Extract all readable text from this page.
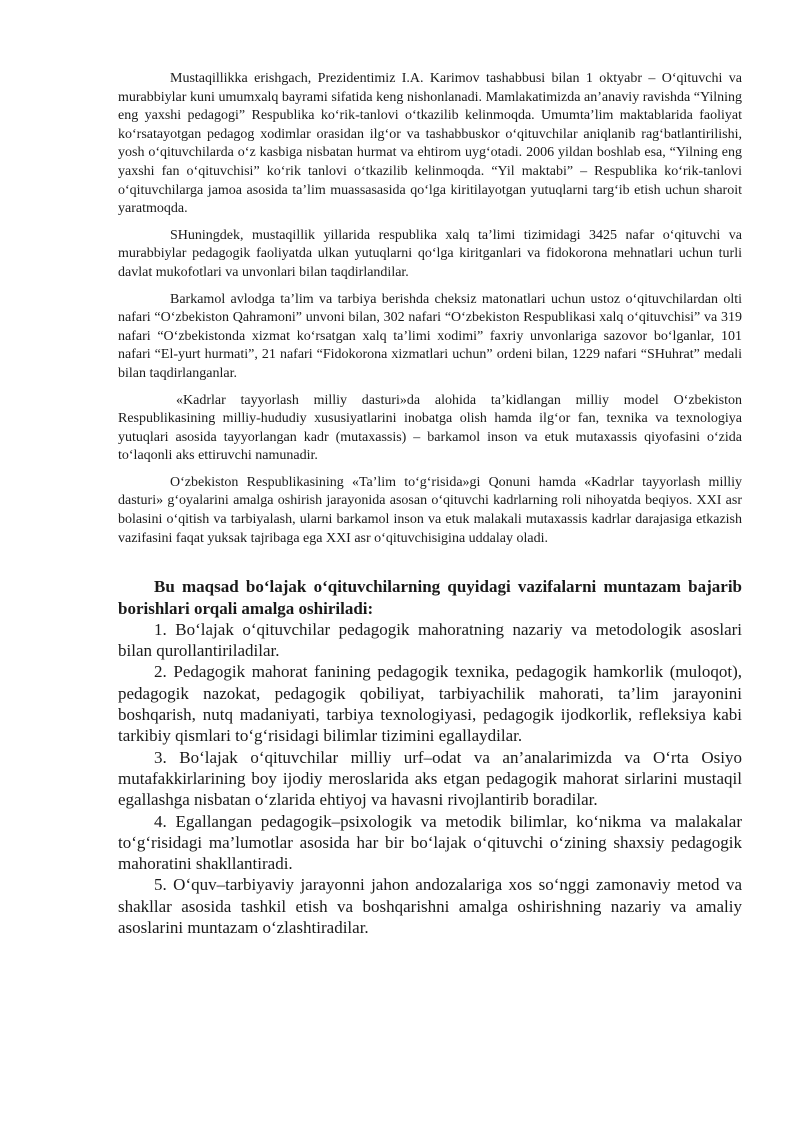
Mustaqillikka erishgach, Prezidentimiz I.A. Karimov tashabbusi bilan 1 oktyabr – O‘qituvchi va murabbiylar kuni umumxalq bayrami sifatida keng nishonlanadi. Mamlakatimizda an’anaviy ravishda “Yilning eng yaxshi pedagogi” Respublika ko‘rik-tanlovi o‘tkazilib kelinmoqda. Umumta’lim maktablarida faoliyat ko‘rsatayotgan pedagog xodimlar orasidan ilg‘or va tashabbuskor o‘qituvchilar aniqlanib rag‘batlantirilishi, yosh o‘qituvchilarda o‘z kasbiga nisbatan hurmat va ehtirom uyg‘otadi. 2006 yildan boshlab esa, “Yilning eng yaxshi fan o‘qituvchisi” ko‘rik tanlovi o‘tkazilib kelinmoqda. “Yil maktabi” – Respublika ko‘rik-tanlovi o‘qituvchilarga jamoa asosida ta’lim muassasasida qo‘lga kiritilayotgan yutuqlarni targ‘ib etish uchun sharoit yaratmoqda.

SHuningdek, mustaqillik yillarida respublika xalq ta’limi tizimidagi 3425 nafar o‘qituvchi va murabbiylar pedagogik faoliyatda ulkan yutuqlarni qo‘lga kiritganlari va fidokorona mehnatlari uchun turli davlat mukofotlari va unvonlari bilan taqdirlandilar.

Barkamol avlodga ta’lim va tarbiya berishda cheksiz matonatlari uchun ustoz o‘qituvchilardan olti nafari “O‘zbekiston Qahramoni” unvoni bilan, 302 nafari “O‘zbekiston Respublikasi xalq o‘qituvchisi” va 319 nafari “O‘zbekistonda xizmat ko‘rsatgan xalq ta’limi xodimi” faxriy unvonlariga sazovor bo‘lganlar, 101 nafari “El-yurt hurmati”, 21 nafari “Fidokorona xizmatlari uchun” ordeni bilan, 1229 nafari “SHuhrat” medali bilan taqdirlanganlar.

«Kadrlar tayyorlash milliy dasturi»da alohida ta’kidlangan milliy model O‘zbekiston Respublikasining milliy-hududiy xususiyatlarini inobatga olish hamda ilg‘or fan, texnika va texnologiya yutuqlari asosida tayyorlangan kadr (mutaxassis) – barkamol inson va etuk mutaxassis qiyofasini o‘zida to‘laqonli aks ettiruvchi namunadir.

O‘zbekiston Respublikasining «Ta’lim to‘g‘risida»gi Qonuni hamda «Kadrlar tayyorlash milliy dasturi» g‘oyalarini amalga oshirish jarayonida asosan o‘qituvchi kadrlarning roli nihoyatda beqiyos. XXI asr bolasini o‘qitish va tarbiyalash, ularni barkamol inson va etuk malakali mutaxassis kadrlar darajasiga etkazish vazifasini faqat yuksak tajribaga ega XXI asr o‘qituvchisigina uddalay oladi.

Bu maqsad bo‘lajak o‘qituvchilarning quyidagi vazifalarni muntazam bajarib borishlari orqali amalga oshiriladi:

1. Bo‘lajak o‘qituvchilar pedagogik mahoratning nazariy va metodologik asoslari bilan qurollantiriladilar.

2. Pedagogik mahorat fanining pedagogik texnika, pedagogik hamkorlik (muloqot), pedagogik nazokat, pedagogik qobiliyat, tarbiyachilik mahorati, ta’lim jarayonini boshqarish, nutq madaniyati, tarbiya texnologiyasi, pedagogik ijodkorlik, refleksiya kabi tarkibiy qismlari to‘g‘risidagi bilimlar tizimini egallaydilar.

3. Bo‘lajak o‘qituvchilar milliy urf–odat va an’analarimizda va O‘rta Osiyo mutafakkirlarining boy ijodiy meroslarida aks etgan pedagogik mahorat sirlarini mustaqil egallashga nisbatan o‘zlarida ehtiyoj va havasni rivojlantirib boradilar.

4. Egallangan pedagogik–psixologik va metodik bilimlar, ko‘nikma va malakalar to‘g‘risidagi ma’lumotlar asosida har bir bo‘lajak o‘qituvchi o‘zining shaxsiy pedagogik mahoratini shakllantiradi.

5. O‘quv–tarbiyaviy jarayonni jahon andozalariga xos so‘nggi zamonaviy metod va shakllar asosida tashkil etish va boshqarishni amalga oshirishning nazariy va amaliy asoslarini muntazam o‘zlashtiradilar.
